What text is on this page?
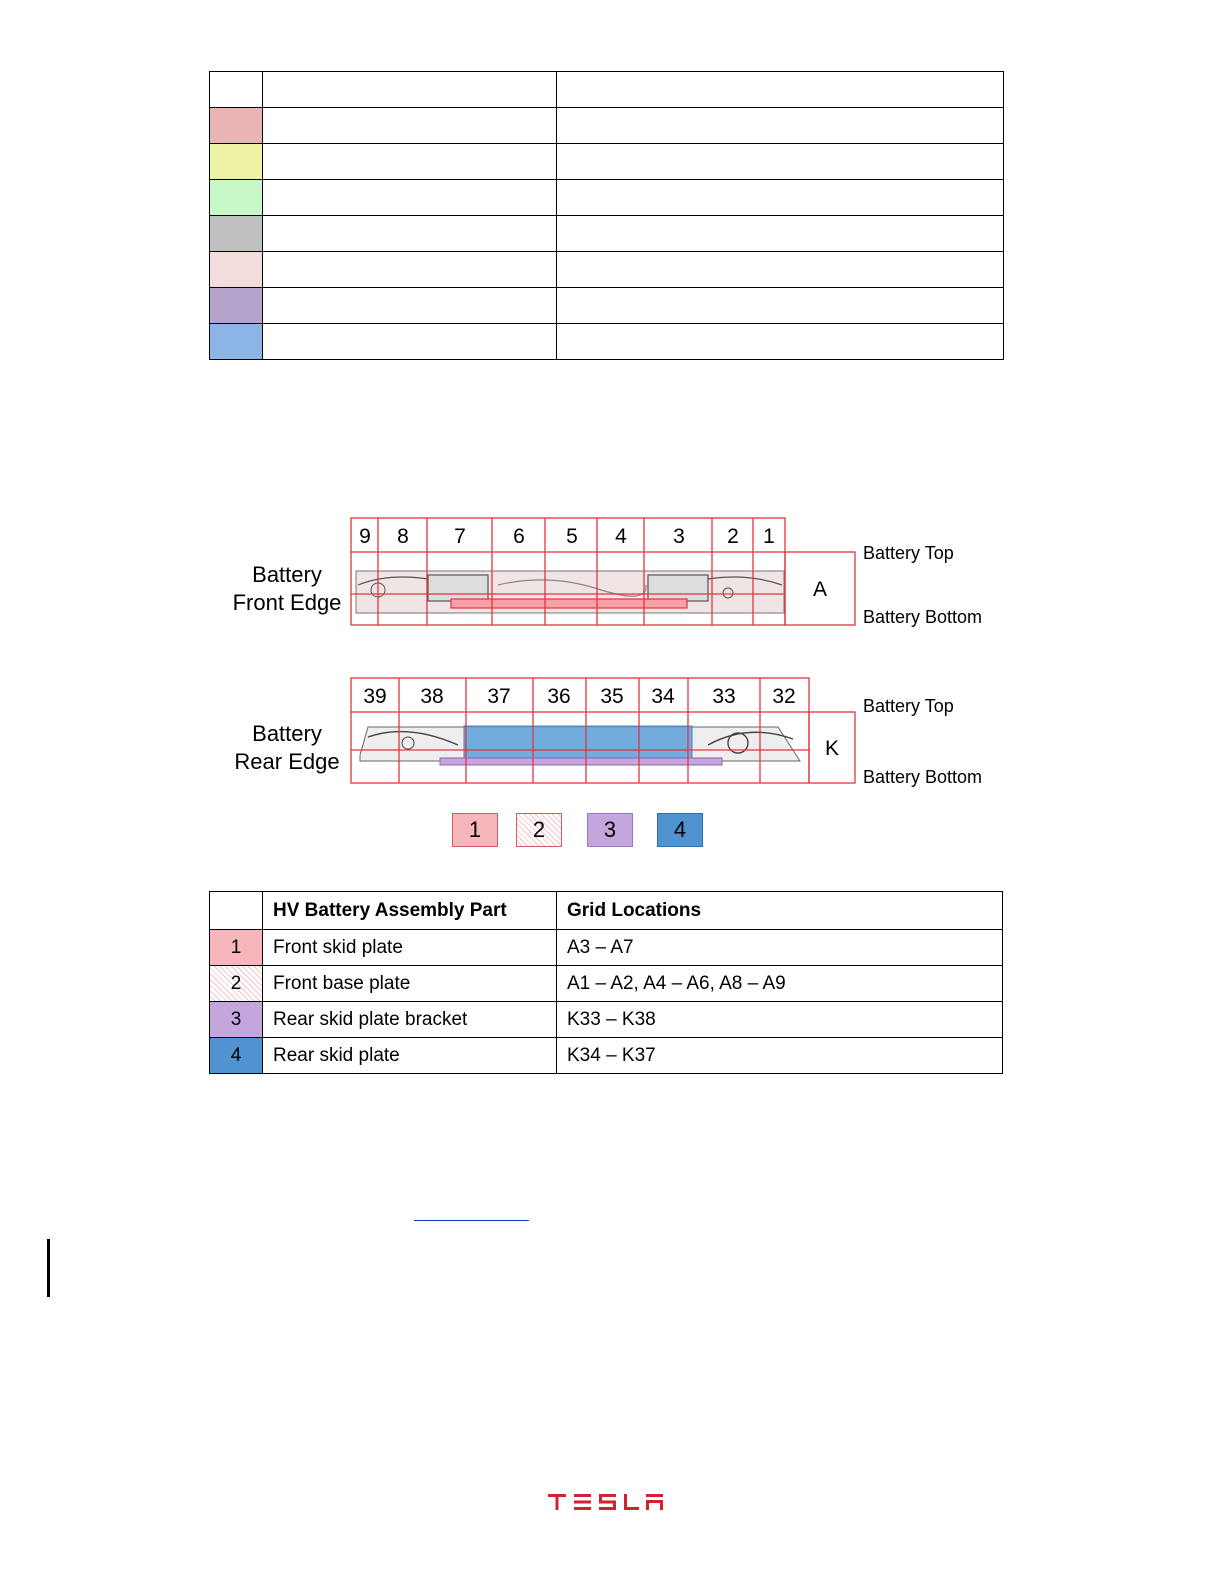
Battery
Front Edge
9 8 7 6 5 4 3 2 1
A
Battery Top
Battery Bottom
Battery
Rear Edge
39 38 37 36 35 34 33 32
K
Battery Top
Battery Bottom
1	2	3	4
	HV Battery Assembly Part	Grid Locations
1	Front skid plate	A3 – A7
2	Front base plate	A1 – A2, A4 – A6, A8 – A9
3	Rear skid plate bracket	K33 – K38
4	Rear skid plate	K34 – K37
